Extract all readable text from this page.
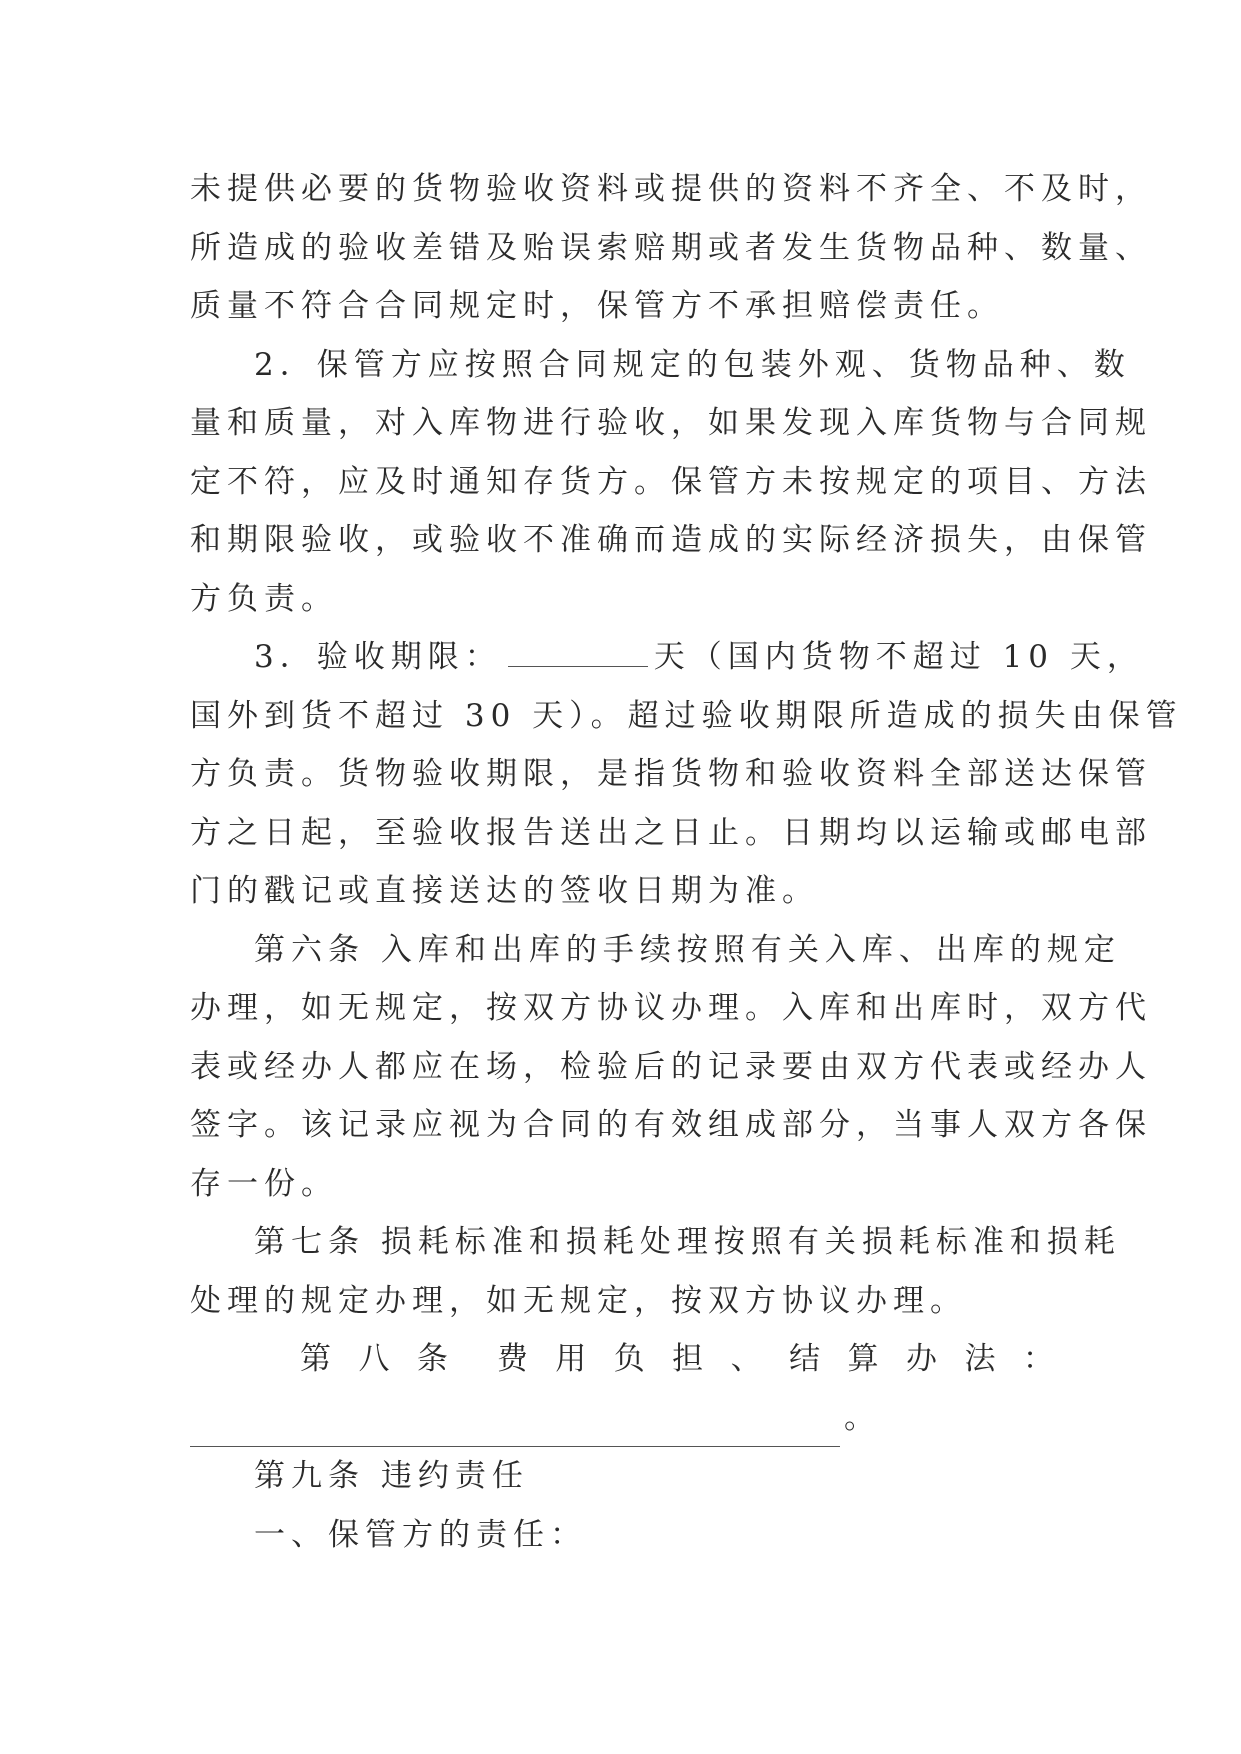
未提供必要的货物验收资料或提供的资料不齐全、不及时，
所造成的验收差错及贻误索赔期或者发生货物品种、数量、
质量不符合合同规定时，保管方不承担赔偿责任。
2．保管方应按照合同规定的包装外观、货物品种、数
量和质量，对入库物进行验收，如果发现入库货物与合同规
定不符，应及时通知存货方。保管方未按规定的项目、方法
和期限验收，或验收不准确而造成的实际经济损失，由保管
方负责。
3．验收期限：	天（国内货物不超过 10 天，
国外到货不超过 30 天）。超过验收期限所造成的损失由保管
方负责。货物验收期限，是指货物和验收资料全部送达保管
方之日起，至验收报告送出之日止。日期均以运输或邮电部
门的戳记或直接送达的签收日期为准。
第六条 入库和出库的手续按照有关入库、出库的规定
办理，如无规定，按双方协议办理。入库和出库时，双方代
表或经办人都应在场，检验后的记录要由双方代表或经办人
签字。该记录应视为合同的有效组成部分，当事人双方各保
存一份。
第七条 损耗标准和损耗处理按照有关损耗标准和损耗
处理的规定办理，如无规定，按双方协议办理。
第 八 条 费 用 负 担 、 结 算 办 法 ：
。
第九条 违约责任
一、保管方的责任：
